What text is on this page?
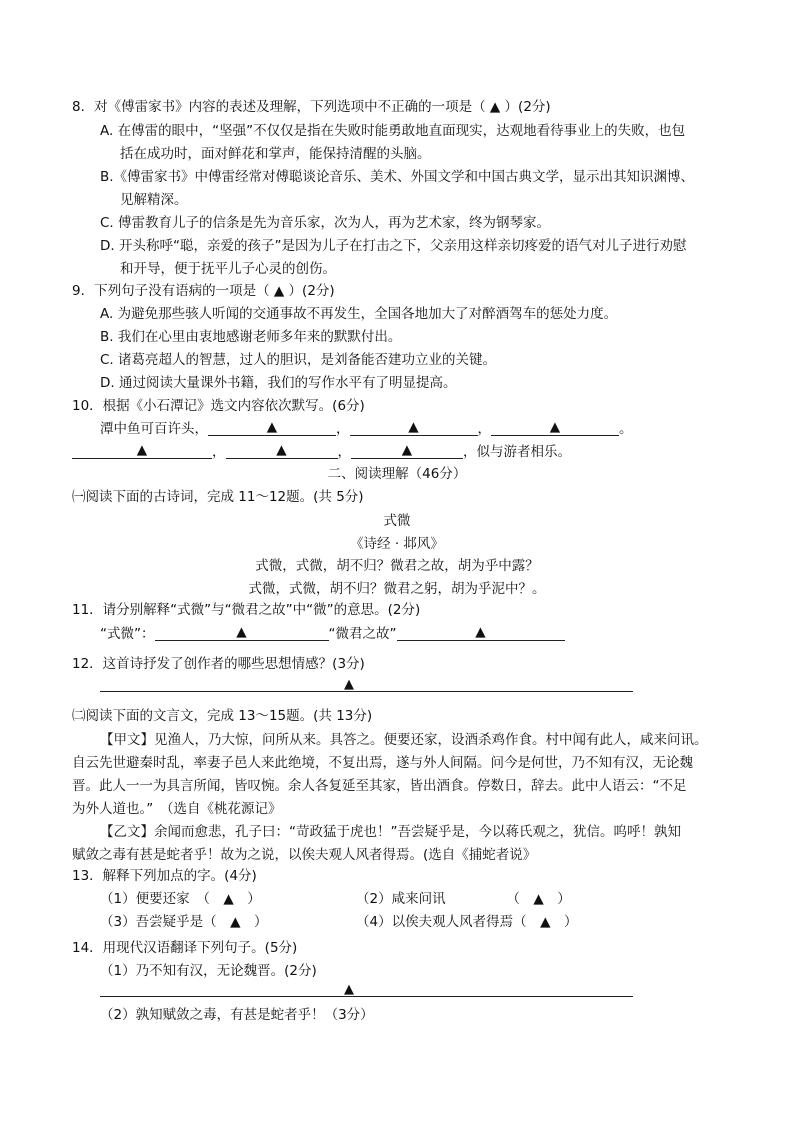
8．对《傅雷家书》内容的表述及理解，下列选项中不正确的一项是（ ▲ ）(2分)
A. 在傅雷的眼中，“坚强”不仅仅是指在失败时能勇敢地直面现实，达观地看待事业上的失败，也包
括在成功时，面对鲜花和掌声，能保持清醒的头脑。
B.《傅雷家书》中傅雷经常对傅聪谈论音乐、美术、外国文学和中国古典文学，显示出其知识渊博、
见解精深。
C. 傅雷教育儿子的信条是先为音乐家，次为人，再为艺术家，终为钢琴家。
D. 开头称呼“聪，亲爱的孩子”是因为儿子在打击之下，父亲用这样亲切疼爱的语气对儿子进行劝慰
和开导，便于抚平儿子心灵的创伤。
9．下列句子没有语病的一项是（ ▲ ）(2分)
A. 为避免那些骇人听闻的交通事故不再发生，全国各地加大了对醉酒驾车的惩处力度。
B. 我们在心里由衷地感谢老师多年来的默默付出。
C. 诸葛亮超人的智慧，过人的胆识，是刘备能否建功立业的关键。
D. 通过阅读大量课外书籍，我们的写作水平有了明显提高。
10．根据《小石潭记》选文内容依次默写。(6分)
潭中鱼可百许头，	▲	，	▲	，	▲	。
▲	，	▲	，	▲	，似与游者相乐。
二、阅读理解（46分）
㈠阅读下面的古诗词，完成 11～12题。(共 5分)
式微
《诗经 · 邶风》
式微，式微，胡不归？微君之故，胡为乎中露？
式微，式微，胡不归？微君之躬，胡为乎泥中？。
11．请分别解释“式微”与“微君之故”中“微”的意思。(2分)
“式微”：	▲	“微君之故”	▲
12．这首诗抒发了创作者的哪些思想情感？(3分)
▲
㈡阅读下面的文言文，完成 13～15题。(共 13分)
【甲文】见渔人，乃大惊，问所从来。具答之。便要还家，设酒杀鸡作食。村中闻有此人，咸来问讯。
自云先世避秦时乱，率妻子邑人来此绝境，不复出焉，遂与外人间隔。问今是何世，乃不知有汉，无论魏
晋。此人一一为具言所闻，皆叹惋。余人各复延至其家，皆出酒食。停数日，辞去。此中人语云：“不足
为外人道也。”　（选自《桃花源记》
【乙文】余闻而愈悲，孔子曰：“苛政猛于虎也！”吾尝疑乎是，今以蒋氏观之，犹信。呜呼！孰知
赋敛之毒有甚是蛇者乎！故为之说，以俟夫观人风者得焉。(选自《捕蛇者说》
13．解释下列加点的字。(4分)
（1）便要还家　（　▲　）	（2）咸来问讯　　　　　（　▲　）
（3）吾尝疑乎是（　▲　）	（4）以俟夫观人风者得焉（　▲　）
14．用现代汉语翻译下列句子。(5分)
（1）乃不知有汉，无论魏晋。(2分)
▲
（2）孰知赋敛之毒，有甚是蛇者乎！（3分）
